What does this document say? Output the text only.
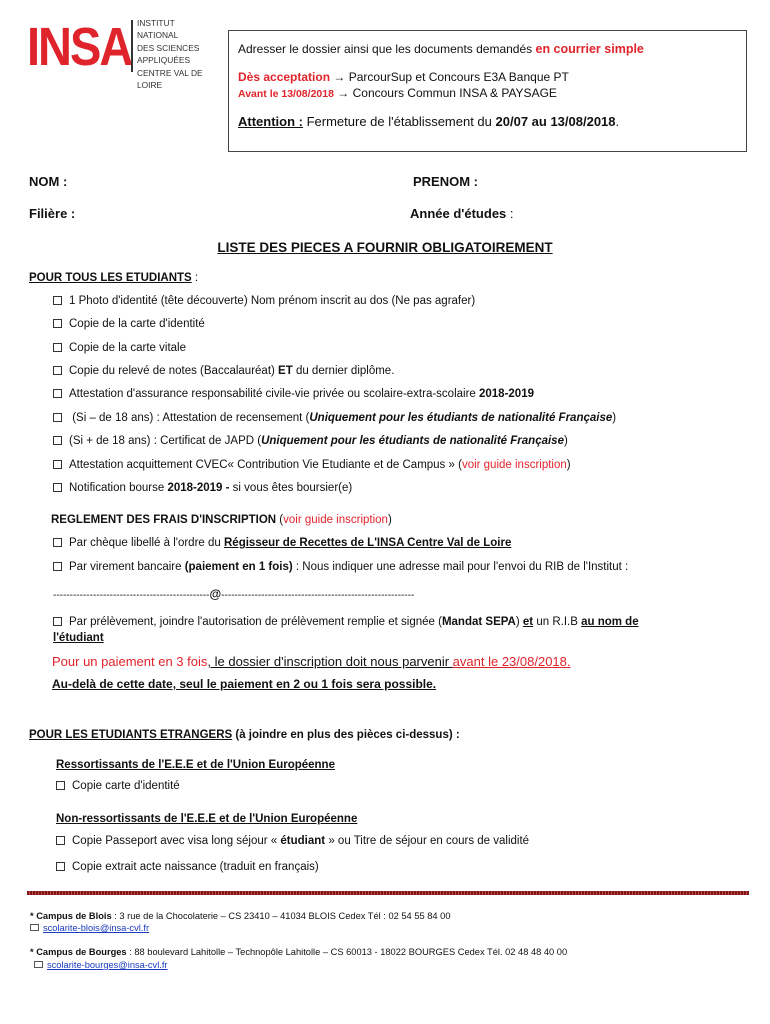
INSA INSTITUT NATIONAL
DES SCIENCES
APPLIQUÉES
CENTRE VAL DE LOIRE
Adresser le dossier ainsi que les documents demandés en courrier simple
Dès acceptation → ParcourSup et Concours E3A Banque PT
Avant le 13/08/2018 → Concours Commun INSA & PAYSAGE
Attention : Fermeture de l'établissement du 20/07 au 13/08/2018.
NOM :	PRENOM :
Filière :	Année d'études :
LISTE DES PIECES A FOURNIR OBLIGATOIREMENT
POUR TOUS LES ETUDIANTS :
1 Photo d'identité (tête découverte) Nom prénom inscrit au dos (Ne pas agrafer)
Copie de la carte d'identité
Copie de la carte vitale
Copie du relevé de notes (Baccalauréat) ET du dernier diplôme.
Attestation d'assurance responsabilité civile-vie privée ou scolaire-extra-scolaire 2018-2019
(Si – de 18 ans) : Attestation de recensement (Uniquement pour les étudiants de nationalité Française)
(Si + de 18 ans) : Certificat de JAPD (Uniquement pour les étudiants de nationalité Française)
Attestation acquittement CVEC« Contribution Vie Etudiante et de Campus » (voir guide inscription)
Notification bourse 2018-2019 - si vous êtes boursier(e)
REGLEMENT DES FRAIS D'INSCRIPTION (voir guide inscription)
Par chèque libellé à l'ordre du Régisseur de Recettes de L'INSA Centre Val de Loire
Par virement bancaire (paiement en 1 fois) : Nous indiquer une adresse mail pour l'envoi du RIB de l'Institut :
-----------------------------------------------@----------------------------------------------------------
Par prélèvement, joindre l'autorisation de prélèvement remplie et signée (Mandat SEPA) et un R.I.B au nom de
l'étudiant
Pour un paiement en 3 fois, le dossier d'inscription doit nous parvenir avant le 23/08/2018.
Au-delà de cette date, seul le paiement en 2 ou 1 fois sera possible.
POUR LES ETUDIANTS ETRANGERS (à joindre en plus des pièces ci-dessus) :
Ressortissants de l'E.E.E et de l'Union Européenne
Copie carte d'identité
Non-ressortissants de l'E.E.E et de l'Union Européenne
Copie Passeport avec visa long séjour « étudiant » ou Titre de séjour en cours de validité
Copie extrait acte naissance (traduit en français)
* Campus de Blois : 3 rue de la Chocolaterie – CS 23410 – 41034 BLOIS Cedex Tél : 02 54 55 84 00
scolarite-blois@insa-cvl.fr
* Campus de Bourges : 88 boulevard Lahitolle – Technopôle Lahitolle – CS 60013 - 18022 BOURGES Cedex Tél. 02 48 48 40 00
scolarite-bourges@insa-cvl.fr
